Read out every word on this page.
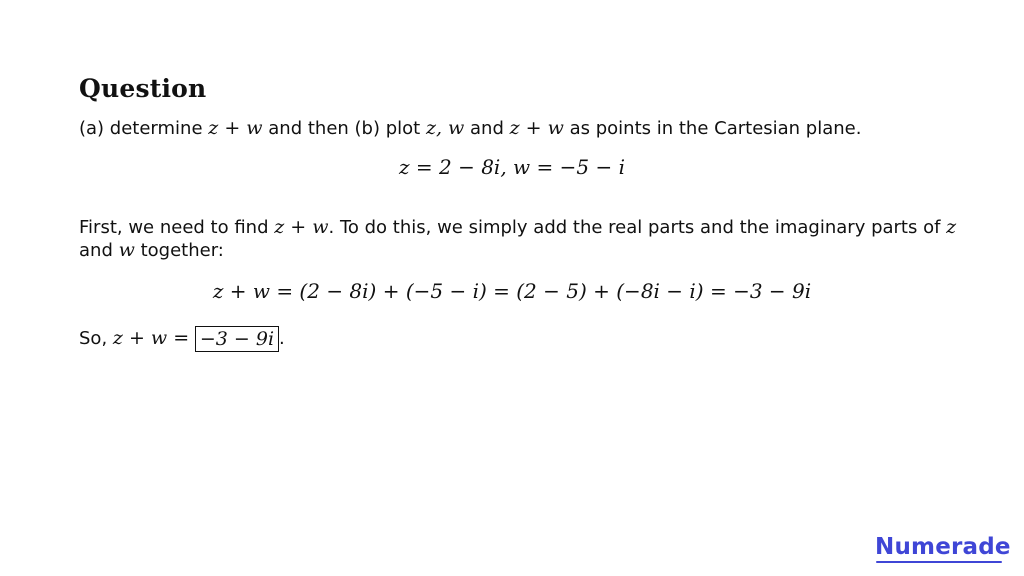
Question
(a) determine z + w and then (b) plot z, w and z + w as points in the Cartesian plane.
z = 2 − 8i, w = −5 − i
First, we need to find z + w. To do this, we simply add the real parts and the imaginary parts of z
and w together:
z + w = (2 − 8i) + (−5 − i) = (2 − 5) + (−8i − i) = −3 − 9i
So, z + w = −3 − 9i .
Numerade
